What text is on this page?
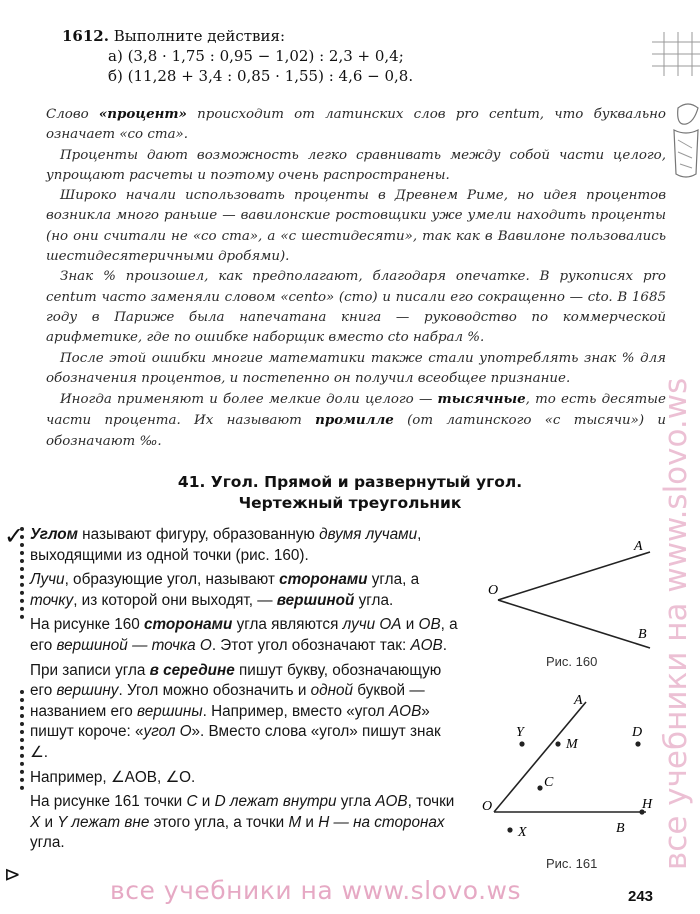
1612. Выполните действия:
а) (3,8 · 1,75 : 0,95 − 1,02) : 2,3 + 0,4;
б) (11,28 + 3,4 : 0,85 · 1,55) : 4,6 − 0,8.

Слово «процент» происходит от латинских слов pro centum, что буквально означает «со ста».

Проценты дают возможность легко сравнивать между собой части целого, упрощают расчеты и поэтому очень распространены.

Широко начали использовать проценты в Древнем Риме, но идея процентов возникла много раньше — вавилонские ростовщики уже умели находить проценты (но они считали не «со ста», а «с шестидесяти», так как в Вавилоне пользовались шестидесятеричными дробями).

Знак % произошел, как предполагают, благодаря опечатке. В рукописях pro centum часто заменяли словом «cento» (сто) и писали его сокращенно — cto. В 1685 году в Париже была напечатана книга — руководство по коммерческой арифметике, где по ошибке наборщик вместо cto набрал %.

После этой ошибки многие математики также стали употреблять знак % для обозначения процентов, и постепенно он получил всеобщее признание.

Иногда применяют и более мелкие доли целого — тысячные, то есть десятые части процента. Их называют промилле (от латинского «с тысячи») и обозначают ‰.

41. Угол. Прямой и развернутый угол.
Чертежный треугольник
✓
⊳

Углом называют фигуру, образованную двумя лучами, выходящими из одной точки (рис. 160).

Лучи, образующие угол, называют сторонами угла, а точку, из которой они выходят, — вершиной угла.

На рисунке 160 сторонами угла являются лучи OA и OB, а его вершиной — точка O. Этот угол обозначают так: AOB.

При записи угла в середине пишут букву, обозначающую его вершину. Угол можно обозначить и одной буквой — названием его вершины. Например, вместо «угол AOB» пишут короче: «угол O». Вместо слова «угол» пишут знак ∠.

Например, ∠AOB, ∠O.

На рисунке 161 точки C и D лежат внутри угла AOB, точки X и Y лежат вне этого угла, а точки M и H — на сторонах угла.

O
A
B
Рис. 160
A
M
Y	D
C
O
X	B
H
Рис. 161 все учебники на www.slovo.ws
все учебники на www.slovo.ws	243
